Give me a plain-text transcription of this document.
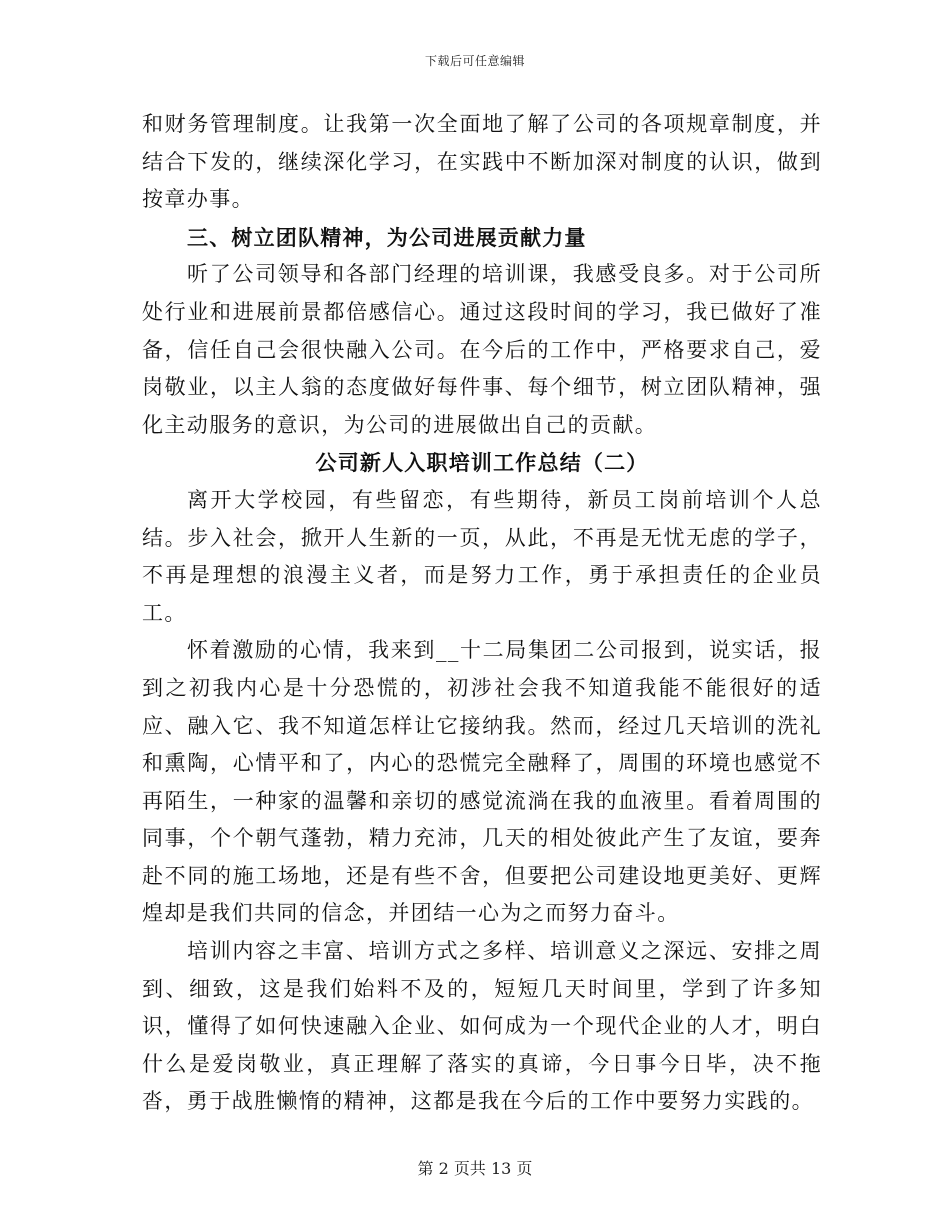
下载后可任意编辑

和财务管理制度。让我第一次全面地了解了公司的各项规章制度，并结合下发的，继续深化学习，在实践中不断加深对制度的认识，做到按章办事。

三、树立团队精神，为公司进展贡献力量

听了公司领导和各部门经理的培训课，我感受良多。对于公司所处行业和进展前景都倍感信心。通过这段时间的学习，我已做好了准备，信任自己会很快融入公司。在今后的工作中，严格要求自己，爱岗敬业，以主人翁的态度做好每件事、每个细节，树立团队精神，强化主动服务的意识，为公司的进展做出自己的贡献。

公司新人入职培训工作总结（二）

离开大学校园，有些留恋，有些期待，新员工岗前培训个人总结。步入社会，掀开人生新的一页，从此，不再是无忧无虑的学子，不再是理想的浪漫主义者，而是努力工作，勇于承担责任的企业员工。

怀着激励的心情，我来到__十二局集团二公司报到，说实话，报到之初我内心是十分恐慌的，初涉社会我不知道我能不能很好的适应、融入它、我不知道怎样让它接纳我。然而，经过几天培训的洗礼和熏陶，心情平和了，内心的恐慌完全融释了，周围的环境也感觉不再陌生，一种家的温馨和亲切的感觉流淌在我的血液里。看着周围的同事，个个朝气蓬勃，精力充沛，几天的相处彼此产生了友谊，要奔赴不同的施工场地，还是有些不舍，但要把公司建设地更美好、更辉煌却是我们共同的信念，并团结一心为之而努力奋斗。

培训内容之丰富、培训方式之多样、培训意义之深远、安排之周到、细致，这是我们始料不及的，短短几天时间里，学到了许多知识，懂得了如何快速融入企业、如何成为一个现代企业的人才，明白什么是爱岗敬业，真正理解了落实的真谛，今日事今日毕，决不拖沓，勇于战胜懒惰的精神，这都是我在今后的工作中要努力实践的。

第 2 页共 13 页
